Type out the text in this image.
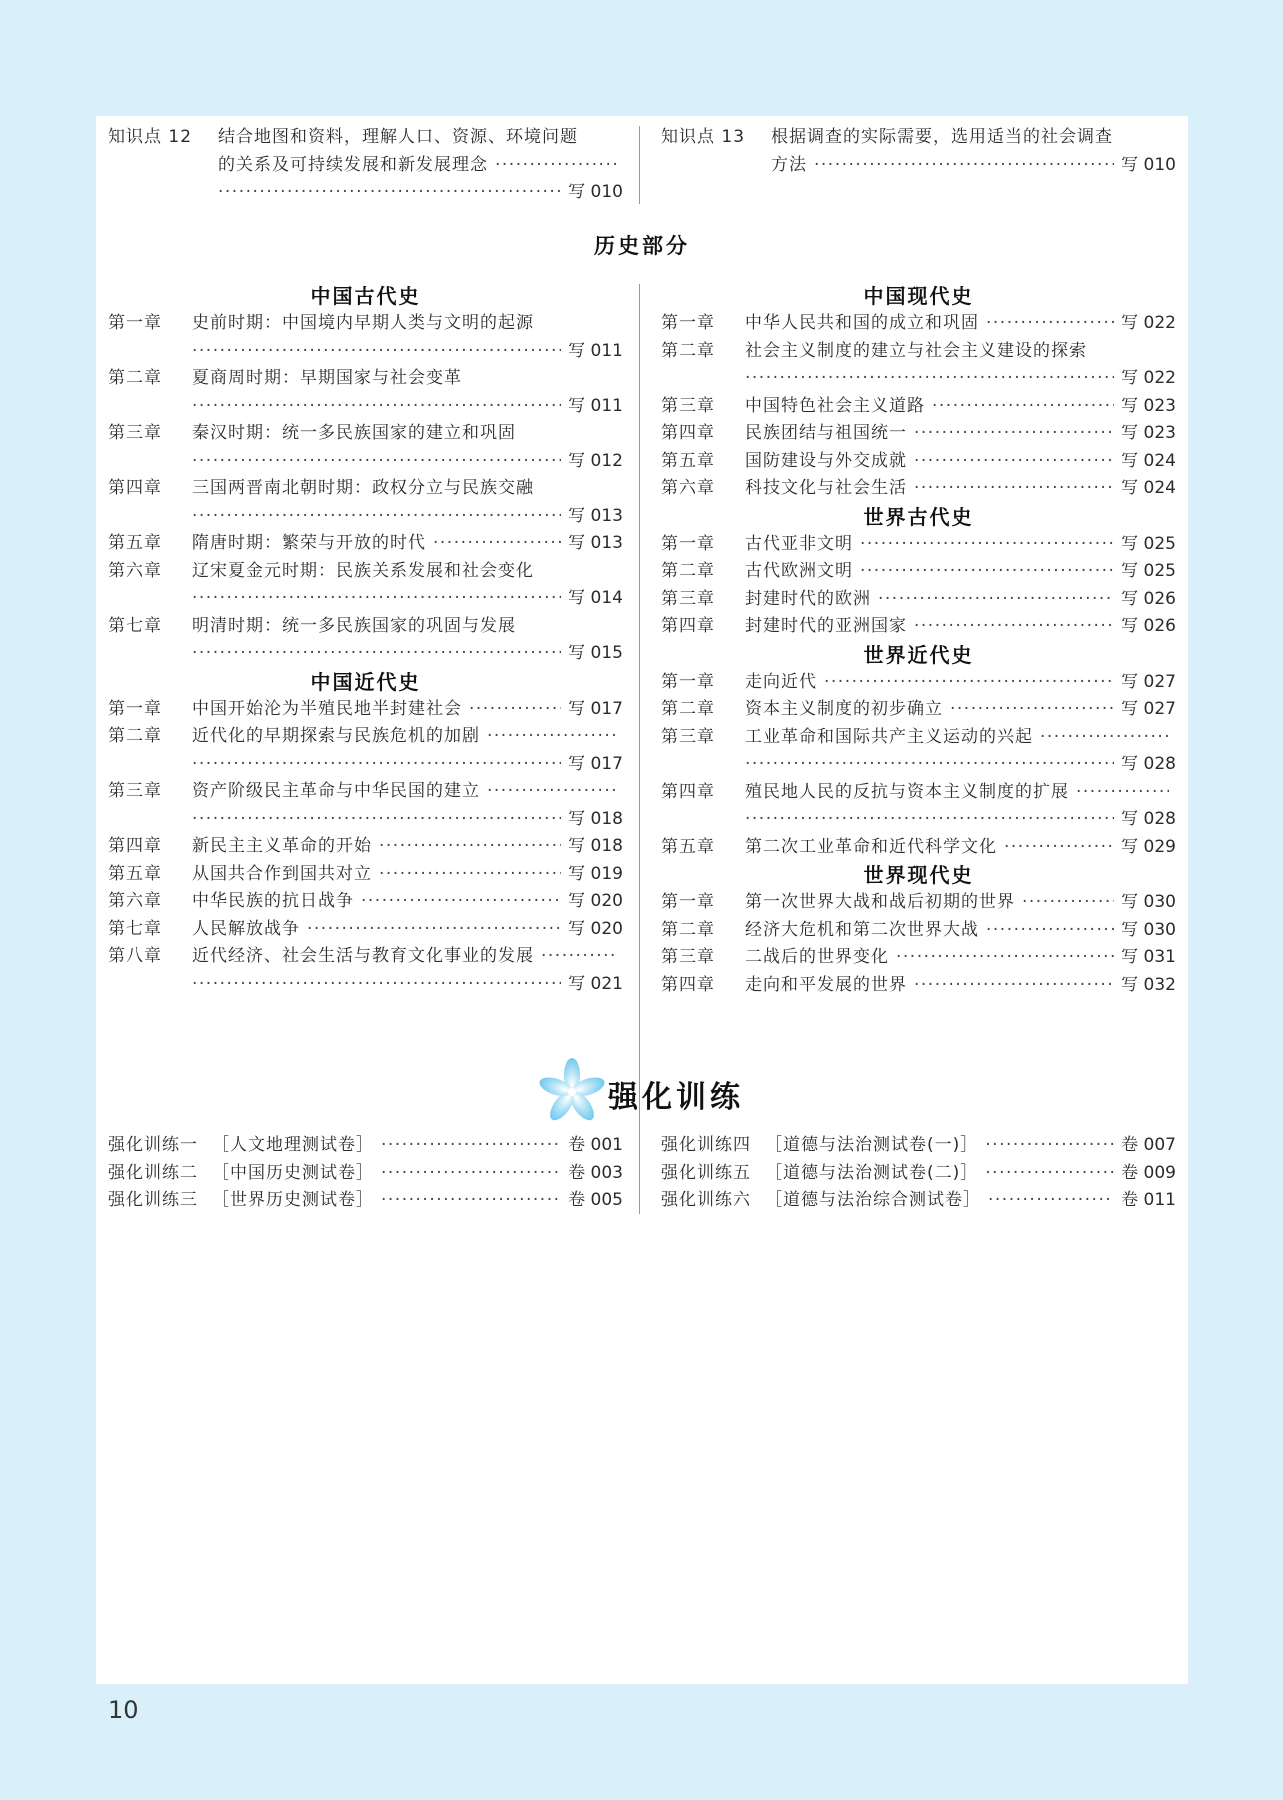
知识点 12	结合地图和资料，理解人口、资源、环境问题
的关系及可持续发展和新发展理念
·····
·····
写 010
知识点 13	根据调查的实际需要，选用适当的社会调查
方法 ·····	写 010
历史部分
中国古代史
第一章	史前时期：中国境内早期人类与文明的起源
·····
写 011
第二章	夏商周时期：早期国家与社会变革
·····
写 011
第三章	秦汉时期：统一多民族国家的建立和巩固
·····
写 012
第四章	三国两晋南北朝时期：政权分立与民族交融
·····
写 013
第五章	隋唐时期：繁荣与开放的时代 ·····	写 013
第六章	辽宋夏金元时期：民族关系发展和社会变化
·····
写 014
第七章	明清时期：统一多民族国家的巩固与发展
·····
写 015
中国近代史
第一章	中国开始沦为半殖民地半封建社会 ·····	写 017
第二章	近代化的早期探索与民族危机的加剧
·····
·····
写 017
第三章	资产阶级民主革命与中华民国的建立
·····
·····
写 018
第四章	新民主主义革命的开始 ·····	写 018
第五章	从国共合作到国共对立 ·····	写 019
第六章	中华民族的抗日战争 ·····	写 020
第七章	人民解放战争 ·····	写 020
第八章	近代经济、社会生活与教育文化事业的发展
·····
·····
写 021
中国现代史
第一章	中华人民共和国的成立和巩固 ·····	写 022
第二章	社会主义制度的建立与社会主义建设的探索
·····
写 022
第三章	中国特色社会主义道路 ·····	写 023
第四章	民族团结与祖国统一 ·····	写 023
第五章	国防建设与外交成就 ·····	写 024
第六章	科技文化与社会生活 ·····	写 024
世界古代史
第一章	古代亚非文明 ·····	写 025
第二章	古代欧洲文明 ·····	写 025
第三章	封建时代的欧洲 ·····	写 026
第四章	封建时代的亚洲国家 ·····	写 026
世界近代史
第一章	走向近代 ·····	写 027
第二章	资本主义制度的初步确立 ·····	写 027
第三章	工业革命和国际共产主义运动的兴起
·····
·····
写 028
第四章	殖民地人民的反抗与资本主义制度的扩展
·····
·····
写 028
第五章	第二次工业革命和近代科学文化 ·····	写 029
世界现代史
第一章	第一次世界大战和战后初期的世界 ·····	写 030
第二章	经济大危机和第二次世界大战 ·····	写 030
第三章	二战后的世界变化 ·····	写 031
第四章	走向和平发展的世界 ·····	写 032
强化训练
强化训练一 ［人文地理测试卷］ ·····	卷 001
强化训练二 ［中国历史测试卷］ ·····	卷 003
强化训练三 ［世界历史测试卷］ ·····	卷 005
强化训练四 ［道德与法治测试卷(一)］ ·····	卷 007
强化训练五 ［道德与法治测试卷(二)］ ·····	卷 009
强化训练六 ［道德与法治综合测试卷］ ·····	卷 011
10
